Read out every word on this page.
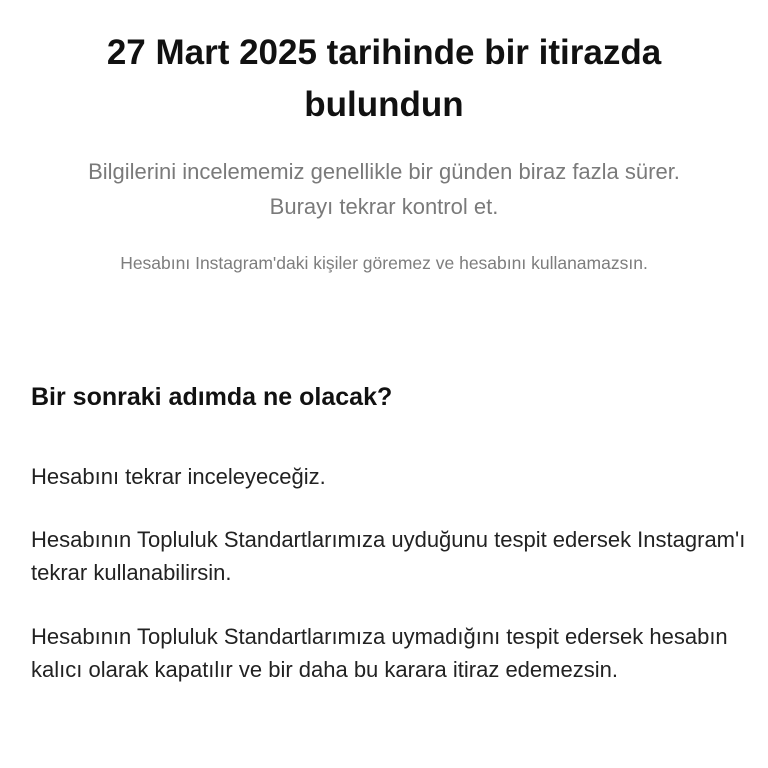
27 Mart 2025 tarihinde bir itirazda bulundun

Bilgilerini incelememiz genellikle bir günden biraz fazla sürer. Burayı tekrar kontrol et.

Hesabını Instagram'daki kişiler göremez ve hesabını kullanamazsın.

Bir sonraki adımda ne olacak?

Hesabını tekrar inceleyeceğiz.

Hesabının Topluluk Standartlarımıza uyduğunu tespit edersek Instagram'ı tekrar kullanabilirsin.

Hesabının Topluluk Standartlarımıza uymadığını tespit edersek hesabın kalıcı olarak kapatılır ve bir daha bu karara itiraz edemezsin.
